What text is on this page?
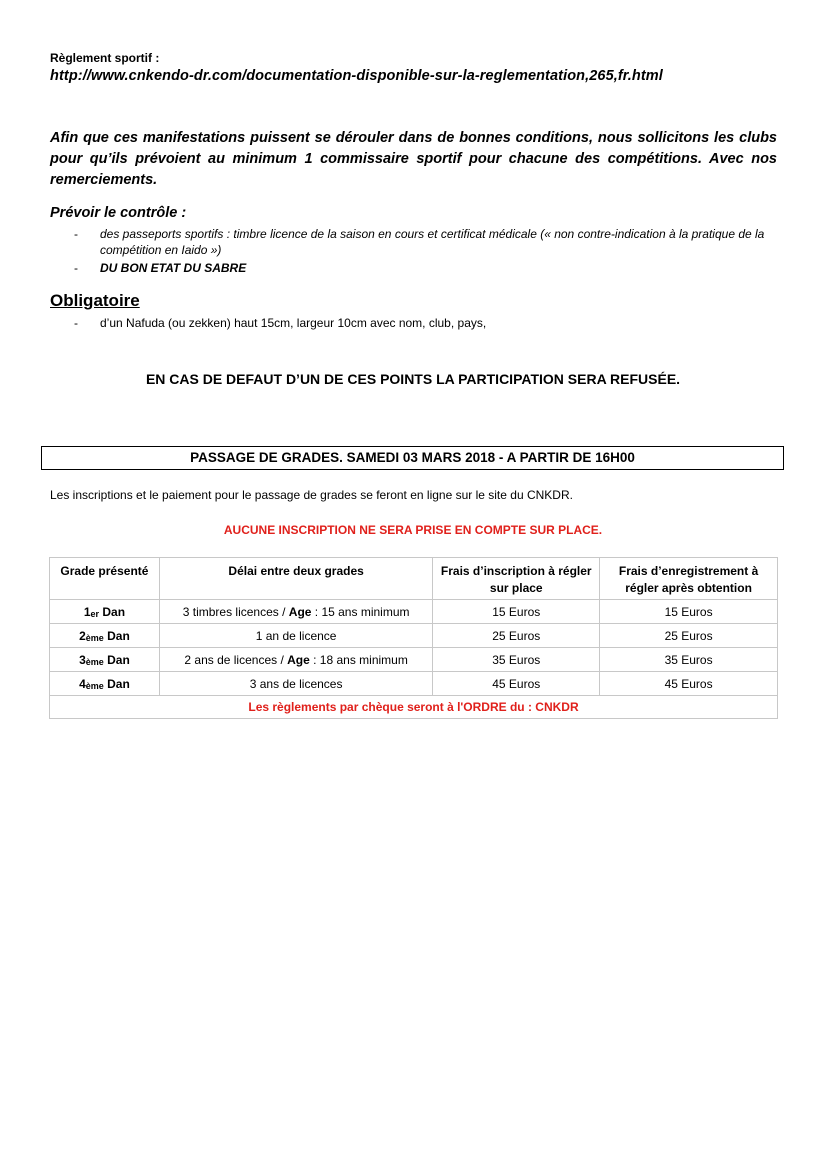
Règlement sportif :
http://www.cnkendo-dr.com/documentation-disponible-sur-la-reglementation,265,fr.html
Afin que ces manifestations puissent se dérouler dans de bonnes conditions, nous sollicitons les clubs pour qu’ils prévoient au minimum 1 commissaire sportif pour chacune des compétitions. Avec nos remerciements.
Prévoir le contrôle :
- des passeports sportifs : timbre licence de la saison en cours et certificat médicale (« non contre-indication à la pratique de la compétition en Iaido »)
- DU BON ETAT DU SABRE
Obligatoire
- d’un Nafuda (ou zekken) haut 15cm, largeur 10cm avec nom, club, pays,
EN CAS DE DEFAUT D’UN DE CES POINTS LA PARTICIPATION SERA REFUSÉE.
PASSAGE DE GRADES. SAMEDI 03 MARS 2018 - A PARTIR DE 16H00
Les inscriptions et le paiement pour le passage de grades se feront en ligne sur le site du CNKDR.
AUCUNE INSCRIPTION NE SERA PRISE EN COMPTE SUR PLACE.
Grade présenté	Délai entre deux grades	Frais d’inscription à régler sur place	Frais d’enregistrement à régler après obtention
1er Dan	3 timbres licences / Age : 15 ans minimum	15 Euros	15 Euros
2ème Dan	1 an de licence	25 Euros	25 Euros
3ème Dan	2 ans de licences / Age : 18 ans minimum	35 Euros	35 Euros
4ème Dan	3 ans de licences	45 Euros	45 Euros
Les règlements par chèque seront à l'ORDRE du : CNKDR			
